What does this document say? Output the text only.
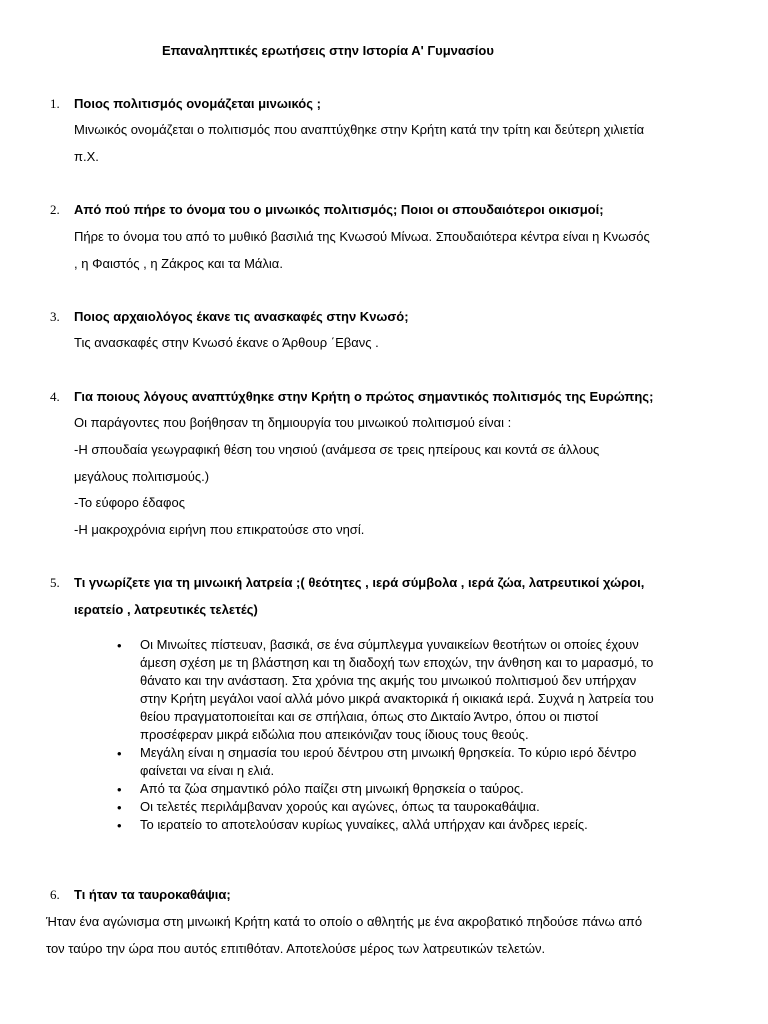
Επαναληπτικές ερωτήσεις στην Ιστορία Α' Γυμνασίου
1. Ποιος πολιτισμός ονομάζεται μινωικός ;
Μινωικός ονομάζεται ο πολιτισμός που αναπτύχθηκε στην Κρήτη κατά την τρίτη και δεύτερη χιλιετία
π.Χ.
2. Από πού πήρε το όνομα του ο μινωικός πολιτισμός; Ποιοι οι σπουδαιότεροι οικισμοί;
Πήρε το όνομα του από το μυθικό βασιλιά της Κνωσού Μίνωα. Σπουδαιότερα κέντρα είναι η Κνωσός
, η Φαιστός , η Ζάκρος και τα Μάλια.
3. Ποιος αρχαιολόγος έκανε τις ανασκαφές στην Κνωσό;
Τις ανασκαφές στην Κνωσό έκανε ο Άρθουρ ΄Εβανς .
4. Για ποιους λόγους αναπτύχθηκε στην Κρήτη ο πρώτος σημαντικός πολιτισμός της Ευρώπης;
Οι παράγοντες που βοήθησαν τη δημιουργία του μινωικού πολιτισμού είναι :
-Η σπουδαία γεωγραφική θέση του νησιού (ανάμεσα σε τρεις ηπείρους και κοντά σε άλλους
μεγάλους πολιτισμούς.)
-Το εύφορο έδαφος
-Η μακροχρόνια ειρήνη που επικρατούσε στο νησί.
5. Τι γνωρίζετε για τη μινωική λατρεία ;( θεότητες , ιερά σύμβολα , ιερά ζώα, λατρευτικοί χώροι,
ιερατείο , λατρευτικές τελετές)
• Οι Μινωίτες πίστευαν, βασικά, σε ένα σύμπλεγμα γυναικείων θεοτήτων οι οποίες έχουν
άμεση σχέση με τη βλάστηση και τη διαδοχή των εποχών, την άνθηση και το μαρασμό, το
θάνατο και την ανάσταση. Στα χρόνια της ακμής του μινωικού πολιτισμού δεν υπήρχαν
στην Κρήτη μεγάλοι ναοί αλλά μόνο μικρά ανακτορικά ή οικιακά ιερά. Συχνά η λατρεία του
θείου πραγματοποιείται και σε σπήλαια, όπως στο Δικταίο Άντρο, όπου οι πιστοί
προσέφεραν μικρά ειδώλια που απεικόνιζαν τους ίδιους τους θεούς.
• Μεγάλη είναι η σημασία του ιερού δέντρου στη μινωική θρησκεία. Το κύριο ιερό δέντρο
φαίνεται να είναι η ελιά.
• Από τα ζώα σημαντικό ρόλο παίζει στη μινωική θρησκεία ο ταύρος.
• Οι τελετές περιλάμβαναν χορούς και αγώνες, όπως τα ταυροκαθάψια.
• Το ιερατείο το αποτελούσαν κυρίως γυναίκες, αλλά υπήρχαν και άνδρες ιερείς.
6. Τι ήταν τα ταυροκαθάψια;
Ήταν ένα αγώνισμα στη μινωική Κρήτη κατά το οποίο ο αθλητής με ένα ακροβατικό πηδούσε πάνω από
τον ταύρο την ώρα που αυτός επιτιθόταν. Αποτελούσε μέρος των λατρευτικών τελετών.
